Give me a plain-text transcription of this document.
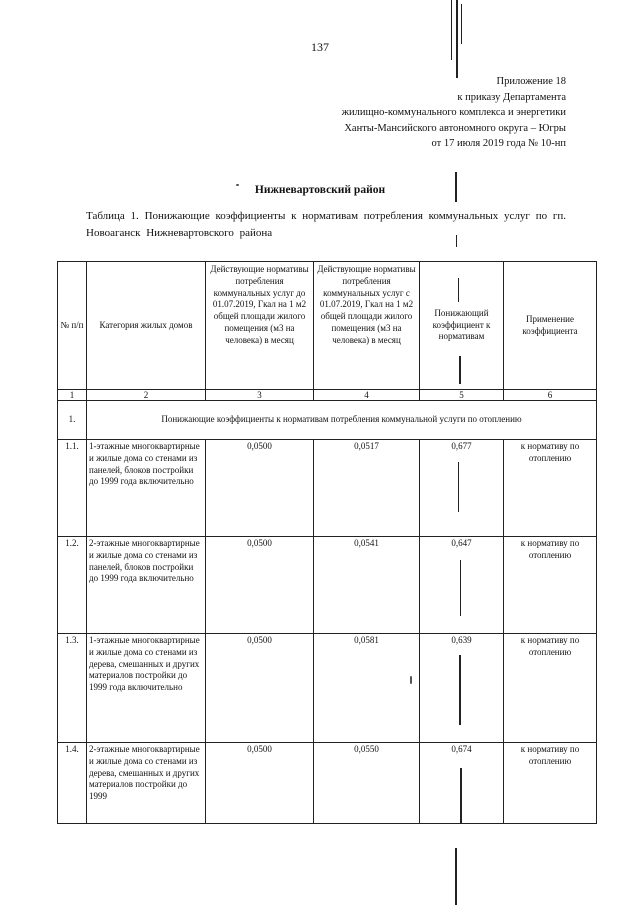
137
Приложение 18
к приказу Департамента
жилищно-коммунального комплекса и энергетики
Ханты-Мансийского автономного округа – Югры
от 17 июля 2019 года № 10-нп
Нижневартовский район
Таблица 1. Понижающие коэффициенты к нормативам потребления коммунальных услуг по гп. Новоаганск Нижневартовского района
№ п/п	Категория жилых домов	Действующие нормативы потребления коммунальных услуг до 01.07.2019, Гкал на 1 м2 общей площади жилого помещения (м3 на человека) в месяц	Действующие нормативы потребления коммунальных услуг с 01.07.2019, Гкал на 1 м2 общей площади жилого помещения (м3 на человека) в месяц	Понижающий коэффициент к нормативам	Применение коэффициента
1	2	3	4	5	6
1.	Понижающие коэффициенты к нормативам потребления коммунальной услуги по отоплению				
1.1.	1-этажные многоквартирные и жилые дома со стенами из панелей, блоков постройки до 1999 года включительно	0,0500	0,0517	0,677	к нормативу по отоплению
1.2.	2-этажные многоквартирные и жилые дома со стенами из панелей, блоков постройки до 1999 года включительно	0,0500	0,0541	0,647	к нормативу по отоплению
1.3.	1-этажные многоквартирные и жилые дома со стенами из дерева, смешанных и других материалов постройки до 1999 года включительно	0,0500	0,0581	0,639	к нормативу по отоплению
1.4.	2-этажные многоквартирные и жилые дома со стенами из дерева, смешанных и других материалов постройки до 1999	0,0500	0,0550	0,674	к нормативу по отоплению
